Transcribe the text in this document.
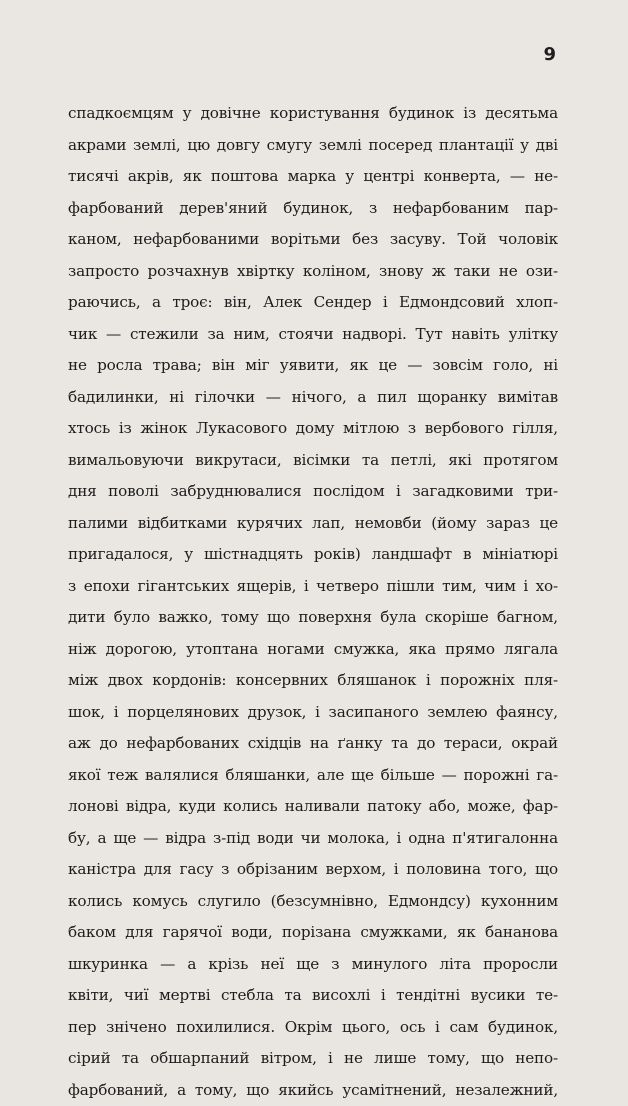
9
спадкоємцям у довічне користування будинок із десятьма
акрами землі, цю довгу смугу землі посеред плантації у дві
тисячі акрів, як поштова марка у центрі конверта, — не-
фарбований дерев'яний будинок, з нефарбованим пар-
каном, нефарбованими ворітьми без засуву. Той чоловік
запросто розчахнув хвіртку коліном, знову ж таки не ози-
раючись, а троє: він, Алек Сендер і Едмондсовий хлоп-
чик — стежили за ним, стоячи надворі. Тут навіть улітку
не росла трава; він міг уявити, як це — зовсім голо, ні
бадилинки, ні гілочки — нічого, а пил щоранку вимітав
хтось із жінок Лукасового дому мітлою з вербового гілля,
вимальовуючи викрутаси, вісімки та петлі, які протягом
дня поволі забруднювалися послідом і загадковими три-
палими відбитками курячих лап, немовби (йому зараз це
пригадалося, у шістнадцять років) ландшафт в мініатюрі
з епохи гігантських ящерів, і четверо пішли тим, чим і хо-
дити було важко, тому що поверхня була скоріше багном,
ніж дорогою, утоптана ногами смужка, яка прямо лягала
між двох кордонів: консервних бляшанок і порожніх пля-
шок, і порцелянових друзок, і засипаного землею фаянсу,
аж до нефарбованих східців на ґанку та до тераси, окрай
якої теж валялися бляшанки, але ще більше — порожні га-
лонові відра, куди колись наливали патоку або, може, фар-
бу, а ще — відра з-під води чи молока, і одна п'ятигалонна
каністра для гасу з обрізаним верхом, і половина того, що
колись комусь слугило (безсумнівно, Едмондсу) кухонним
баком для гарячої води, порізана смужками, як бананова
шкуринка — а крізь неї ще з минулого літа проросли
квіти, чиї мертві стебла та висохлі і тендітні вусики те-
пер знічено похилилися. Окрім цього, ось і сам будинок,
сірий та обшарпаний вітром, і не лише тому, що непо-
фарбований, а тому, що якийсь усамітнений, незалежний,
